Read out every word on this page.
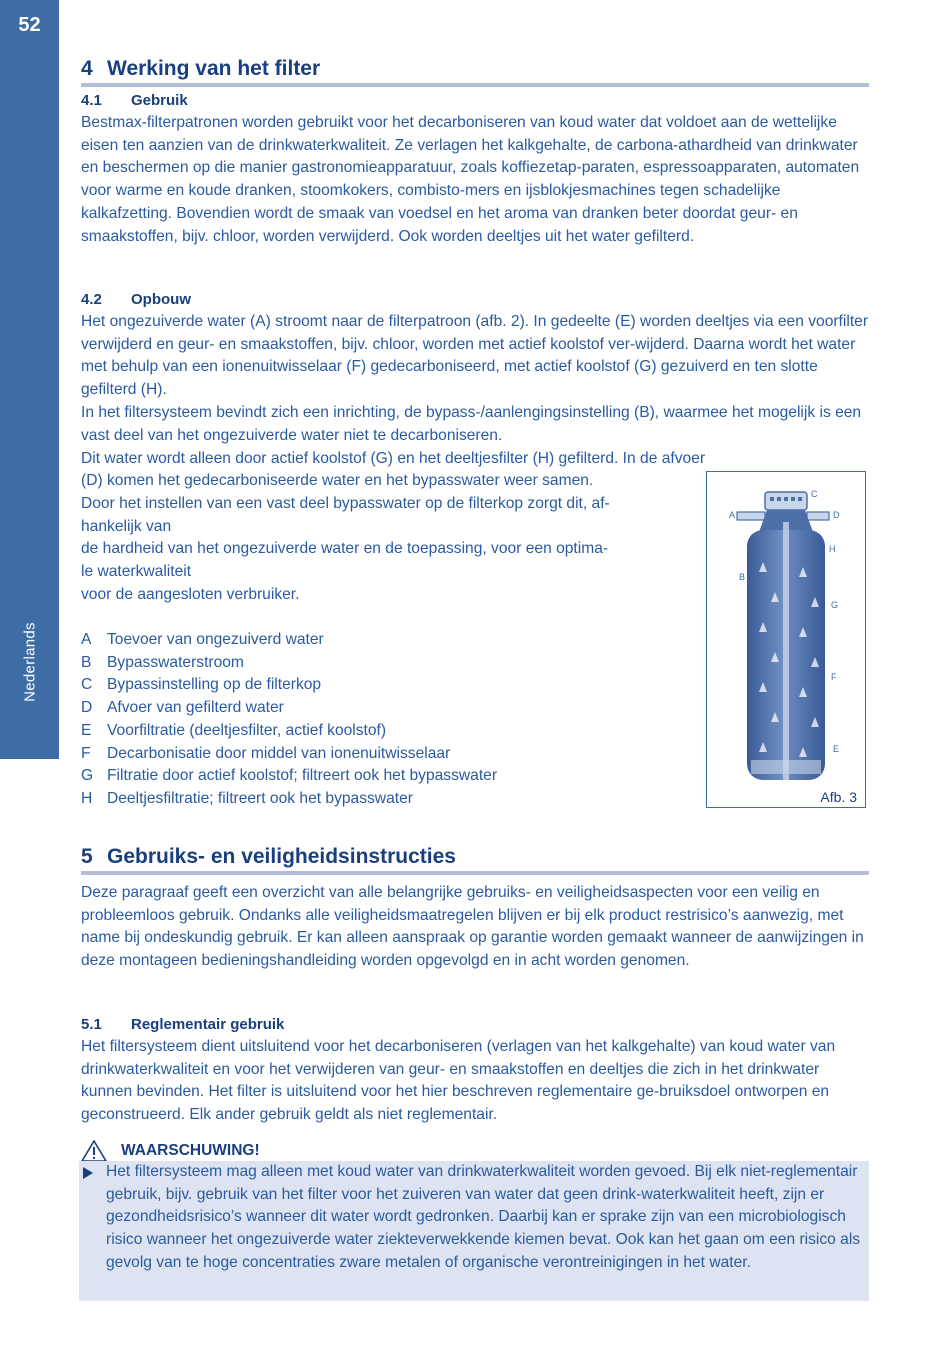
52
Nederlands
4 Werking van het filter
4.1 Gebruik

Bestmax-filterpatronen worden gebruikt voor het decarboniseren van koud water dat voldoet aan de wettelijke eisen ten aanzien van de drinkwaterkwaliteit. Ze verlagen het kalkgehalte, de carbona-athardheid van drinkwater en beschermen op die manier gastronomieapparatuur, zoals koffiezetap-paraten, espressoapparaten, automaten voor warme en koude dranken, stoomkokers, combisto-mers en ijsblokjesmachines tegen schadelijke kalkafzetting. Bovendien wordt de smaak van voedsel en het aroma van dranken beter doordat geur- en smaakstoffen, bijv. chloor, worden verwijderd. Ook worden deeltjes uit het water gefilterd.

4.2 Opbouw

Het ongezuiverde water (A) stroomt naar de filterpatroon (afb. 2). In gedeelte (E) worden deeltjes via een voorfilter verwijderd en geur- en smaakstoffen, bijv. chloor, worden met actief koolstof ver-wijderd. Daarna wordt het water met behulp van een ionenuitwisselaar (F) gedecarboniseerd, met actief koolstof (G) gezuiverd en ten slotte gefilterd (H).

In het filtersysteem bevindt zich een inrichting, de bypass-/aanlengingsinstelling (B), waarmee het mogelijk is een vast deel van het ongezuiverde water niet te decarboniseren.

Dit water wordt alleen door actief koolstof (G) en het deeltjesfilter (H) gefilterd. In de afvoer

(D) komen het gedecarboniseerde water en het bypasswater weer samen.

Door het instellen van een vast deel bypasswater op de filterkop zorgt dit, af-

hankelijk van

de hardheid van het ongezuiverde water en de toepassing, voor een optima-

le waterkwaliteit

voor de aangesloten verbruiker.

A Toevoer van ongezuiverd water
B Bypasswaterstroom
C Bypassinstelling op de filterkop
D Afvoer van gefilterd water
E Voorfiltratie (deeltjesfilter, actief koolstof)
F Decarbonisatie door middel van ionenuitwisselaar
G Filtratie door actief koolstof; filtreert ook het bypasswater
H Deeltjesfiltratie; filtreert ook het bypasswater
5 Gebruiks- en veiligheidsinstructies

Deze paragraaf geeft een overzicht van alle belangrijke gebruiks- en veiligheidsaspecten voor een veilig en probleemloos gebruik. Ondanks alle veiligheidsmaatregelen blijven er bij elk product restrisico’s aanwezig, met name bij ondeskundig gebruik. Er kan alleen aanspraak op garantie worden gemaakt wanneer de aanwijzingen in deze montageen bedieningshandleiding worden opgevolgd en in acht worden genomen.

5.1 Reglementair gebruik

Het filtersysteem dient uitsluitend voor het decarboniseren (verlagen van het kalkgehalte) van koud water van drinkwaterkwaliteit en voor het verwijderen van geur- en smaakstoffen en deeltjes die zich in het drinkwater kunnen bevinden. Het filter is uitsluitend voor het hier beschreven reglementaire ge-bruiksdoel ontworpen en geconstrueerd. Elk ander gebruik geldt als niet reglementair.

WAARSCHUWING!

Het filtersysteem mag alleen met koud water van drinkwaterkwaliteit worden gevoed. Bij elk niet-reglementair gebruik, bijv. gebruik van het filter voor het zuiveren van water dat geen drink-waterkwaliteit heeft, zijn er gezondheidsrisico’s wanneer dit water wordt gedronken. Daarbij kan er sprake zijn van een microbiologisch risico wanneer het ongezuiverde water ziekteverwekkende kiemen bevat. Ook kan het gaan om een risico als gevolg van te hoge concentraties zware metalen of organische verontreinigingen in het water.

A
C
D
H
B
G
F
E
Afb. 3
